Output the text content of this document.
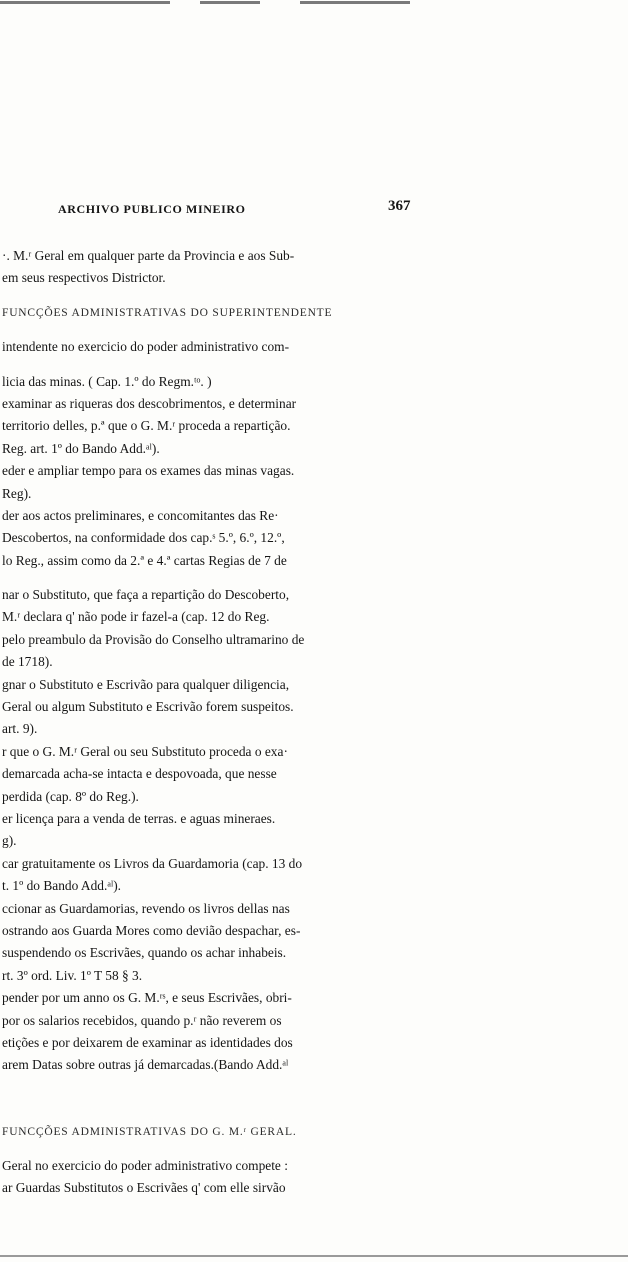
ARCHIVO PUBLICO MINEIRO	367
·. M.ʳ Geral em qualquer parte da Provincia e aos Sub-
em seus respectivos Districtor.
FUNCÇÕES ADMINISTRATIVAS DO SUPERINTENDENTE
intendente no exercicio do poder administrativo com-
licia das minas. ( Cap. 1.º do Regm.ᵗᵒ. )
examinar as riqueras dos descobrimentos, e determinar
territorio delles, p.ª que o G. M.ʳ proceda a repartição.
Reg. art. 1º do Bando Add.ᵃˡ).
eder e ampliar tempo para os exames das minas vagas.
Reg).
der aos actos preliminares, e concomitantes das Re·
Descobertos, na conformidade dos cap.ˢ 5.º, 6.º, 12.º,
lo Reg., assim como da 2.ª e 4.ª cartas Regias de 7 de
nar o Substituto, que faça a repartição do Descoberto,
M.ʳ declara q' não pode ir fazel-a (cap. 12 do Reg.
pelo preambulo da Provisão do Conselho ultramarino de
de 1718).
gnar o Substituto e Escrivão para qualquer diligencia,
Geral ou algum Substituto e Escrivão forem suspeitos.
art. 9).
r que o G. M.ʳ Geral ou seu Substituto proceda o exa·
demarcada acha-se intacta e despovoada, que nesse
perdida (cap. 8º do Reg.).
er licença para a venda de terras. e aguas mineraes.
g).
car gratuitamente os Livros da Guardamoria (cap. 13 do
t. 1º do Bando Add.ᵃˡ).
ccionar as Guardamorias, revendo os livros dellas nas
ostrando aos Guarda Mores como devião despachar, es-
suspendendo os Escrivães, quando os achar inhabeis.
rt. 3º ord. Liv. 1º T 58 § 3.
pender por um anno os G. M.ʳˢ, e seus Escrivães, obri-
por os salarios recebidos, quando p.ʳ não reverem os
etições e por deixarem de examinar as identidades dos
arem Datas sobre outras já demarcadas.(Bando Add.ᵃˡ
FUNCÇÕES ADMINISTRATIVAS DO G. M.ʳ GERAL.
Geral no exercicio do poder administrativo compete :
ar Guardas Substitutos o Escrivães q' com elle sirvão
